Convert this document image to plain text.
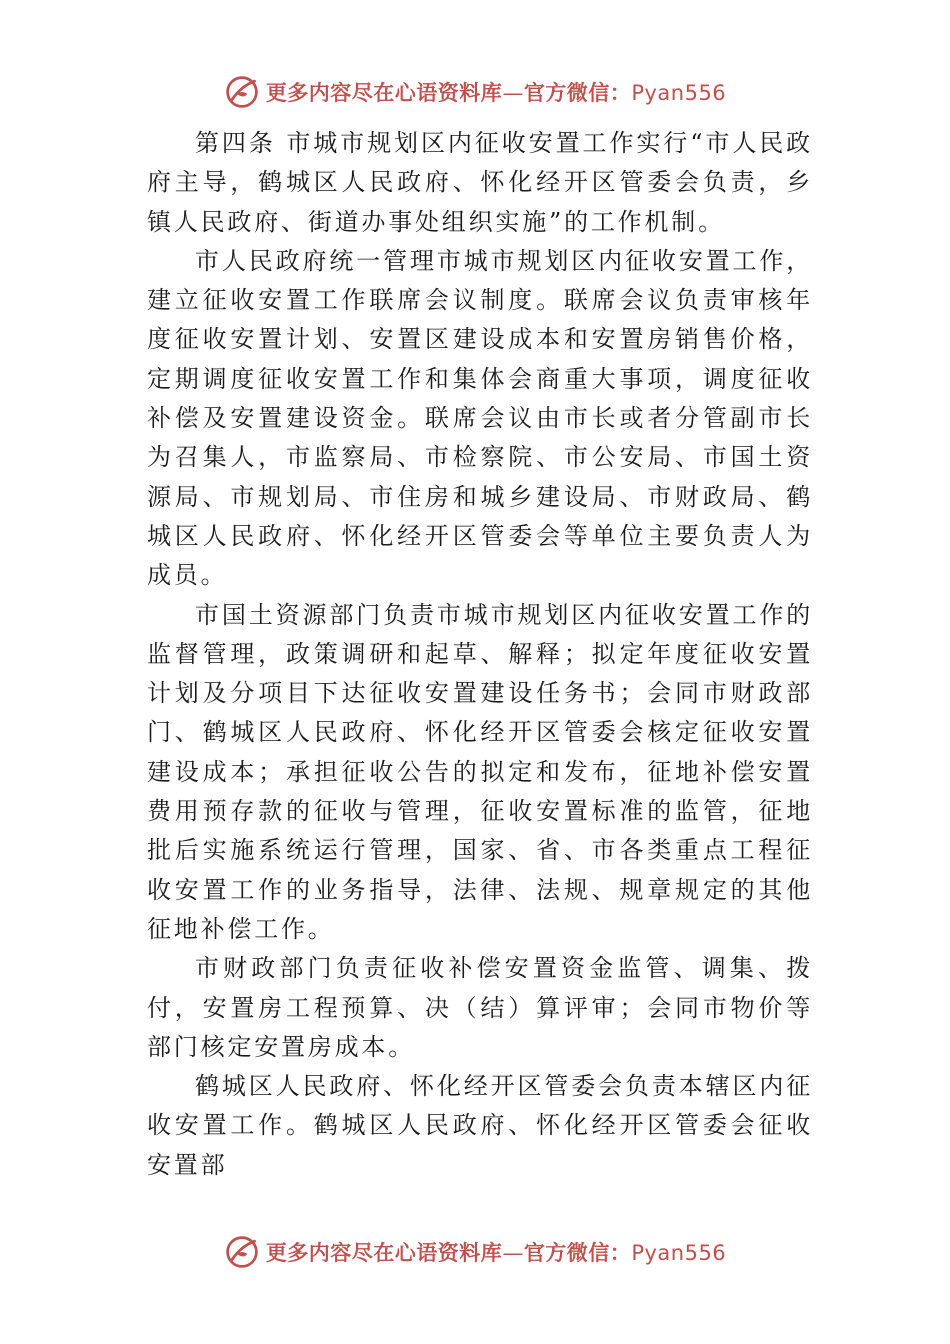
更多内容尽在心语资料库—官方微信：Pyan556

第四条 市城市规划区内征收安置工作实行“市人民政府主导，鹤城区人民政府、怀化经开区管委会负责，乡镇人民政府、街道办事处组织实施”的工作机制。

市人民政府统一管理市城市规划区内征收安置工作，建立征收安置工作联席会议制度。联席会议负责审核年度征收安置计划、安置区建设成本和安置房销售价格，定期调度征收安置工作和集体会商重大事项，调度征收补偿及安置建设资金。联席会议由市长或者分管副市长为召集人，市监察局、市检察院、市公安局、市国土资源局、市规划局、市住房和城乡建设局、市财政局、鹤城区人民政府、怀化经开区管委会等单位主要负责人为成员。

市国土资源部门负责市城市规划区内征收安置工作的监督管理，政策调研和起草、解释；拟定年度征收安置计划及分项目下达征收安置建设任务书；会同市财政部门、鹤城区人民政府、怀化经开区管委会核定征收安置建设成本；承担征收公告的拟定和发布，征地补偿安置费用预存款的征收与管理，征收安置标准的监管，征地批后实施系统运行管理，国家、省、市各类重点工程征收安置工作的业务指导，法律、法规、规章规定的其他征地补偿工作。

市财政部门负责征收补偿安置资金监管、调集、拨付，安置房工程预算、决（结）算评审；会同市物价等部门核定安置房成本。

鹤城区人民政府、怀化经开区管委会负责本辖区内征收安置工作。鹤城区人民政府、怀化经开区管委会征收安置部

更多内容尽在心语资料库—官方微信：Pyan556
